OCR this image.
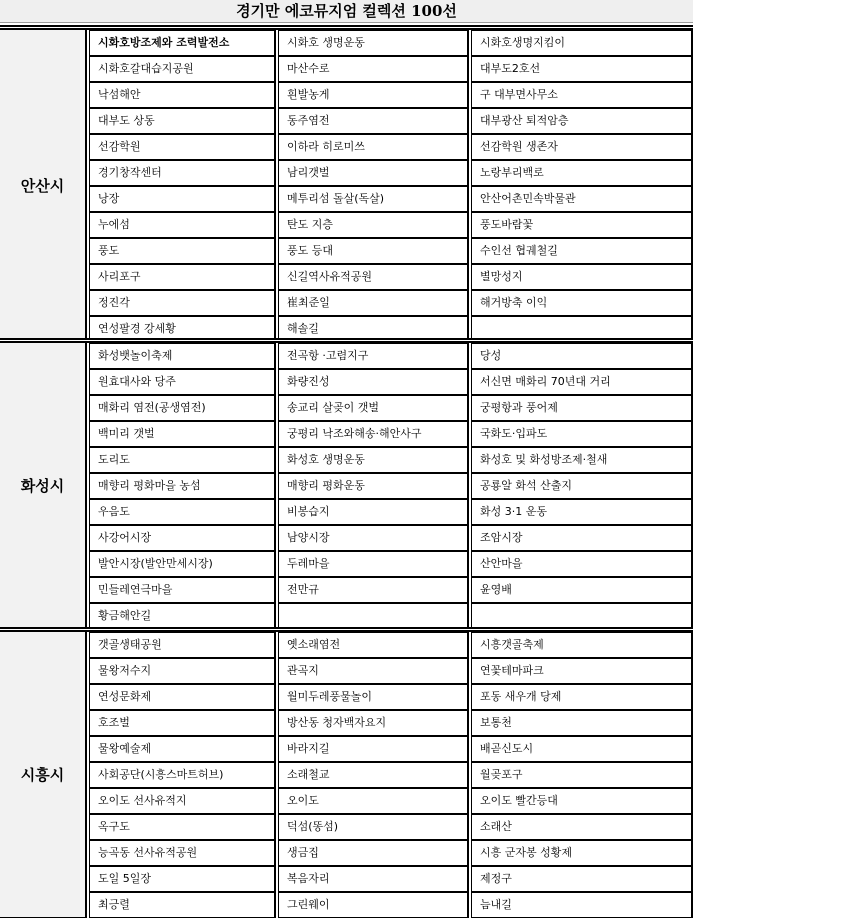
경기만 에코뮤지엄 컬렉션 100선
안산시
시화호방조제와 조력발전소	시화호 생명운동	시화호생명지킴이
시화호갈대습지공원	마산수로	대부도2호선
낙섬해안	흰발농게	구 대부면사무소
대부도 상동	동주염전	대부광산 퇴적암층
선감학원	이하라 히로미쓰	선감학원 생존자
경기창작센터	남리갯벌	노랑부리백로
낭장	메투리섬 돌살(독살)	안산어촌민속박물관
누에섬	탄도 지층	풍도바람꽃
풍도	풍도 등대	수인선 협궤철길
사리포구	신길역사유적공원	별망성지
정진각	崔최준일	해거방축 이익
연성팔경 강세황	해솔길
화성시
화성뱃놀이축제	전곡항 ·고렴지구	당성
원효대사와 당주	화량진성	서신면 매화리 70년대 거리
매화리 염전(공생염전)	송교리 살곶이 갯벌	궁평항과 풍어제
백미리 갯벌	궁평리 낙조와해송·해안사구	국화도·입파도
도리도	화성호 생명운동	화성호 및 화성방조제·철새
매향리 평화마을 농섬	매향리 평화운동	공룡알 화석 산출지
우음도	비봉습지	화성 3·1 운동
사강어시장	남양시장	조암시장
발안시장(발안만세시장)	두레마을	산안마을
민들레연극마을	전만규	윤영배
황금해안길
시흥시
갯골생태공원	옛소래염전	시흥갯골축제
물왕저수지	관곡지	연꽃테마파크
연성문화제	월미두레풍물놀이	포동 새우개 당제
호조벌	방산동 청자백자요지	보통천
물왕예술제	바라지길	배곧신도시
사회공단(시흥스마트허브)	소래철교	월곶포구
오이도 선사유적지	오이도	오이도 빨간등대
옥구도	덕섬(똥섬)	소래산
능곡동 선사유적공원	생금집	시흥 군자봉 성황제
도일 5일장	복음자리	제정구
최긍렬	그린웨이	늠내길
